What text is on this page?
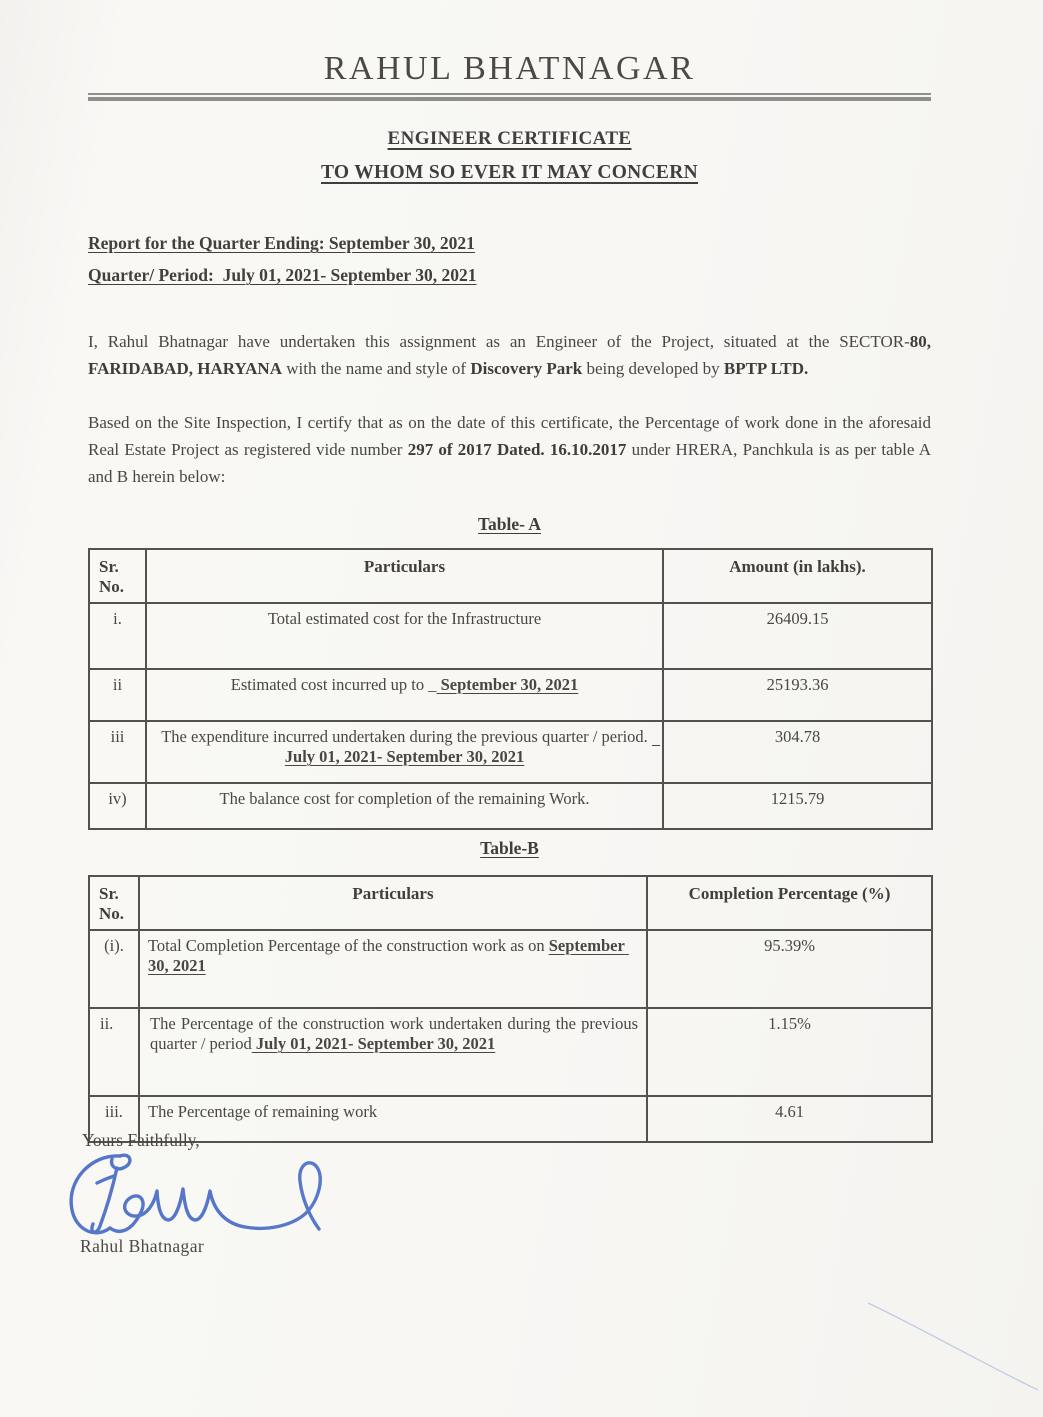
RAHUL BHATNAGAR
ENGINEER CERTIFICATE
TO WHOM SO EVER IT MAY CONCERN
Report for the Quarter Ending: September 30, 2021
Quarter/ Period:  July 01, 2021- September 30, 2021

I, Rahul Bhatnagar have undertaken this assignment as an Engineer of the Project, situated at the SECTOR-80, FARIDABAD, HARYANA with the name and style of Discovery Park being developed by BPTP LTD.

Based on the Site Inspection, I certify that as on the date of this certificate, the Percentage of work done in the aforesaid Real Estate Project as registered vide number 297 of 2017 Dated. 16.10.2017 under HRERA, Panchkula is as per table A and B herein below:

Table- A
Sr. No.	Particulars	Amount (in lakhs).
i.	Total estimated cost for the Infrastructure	26409.15
ii	Estimated cost incurred up to _ September 30, 2021	25193.36
iii	The expenditure incurred undertaken during the previous quarter / period.   July 01, 2021- September 30, 2021	304.78
iv)	The balance cost for completion of the remaining Work.	1215.79
Table-B
Sr. No.	Particulars	Completion Percentage (%)
(i).	Total Completion Percentage of the construction work as on September 30, 2021	95.39%
ii.	The Percentage of the construction work undertaken during the previous quarter / period July 01, 2021- September 30, 2021	1.15%
iii.	The Percentage of remaining work	4.61
Yours Faithfully,
Rahul Bhatnagar
